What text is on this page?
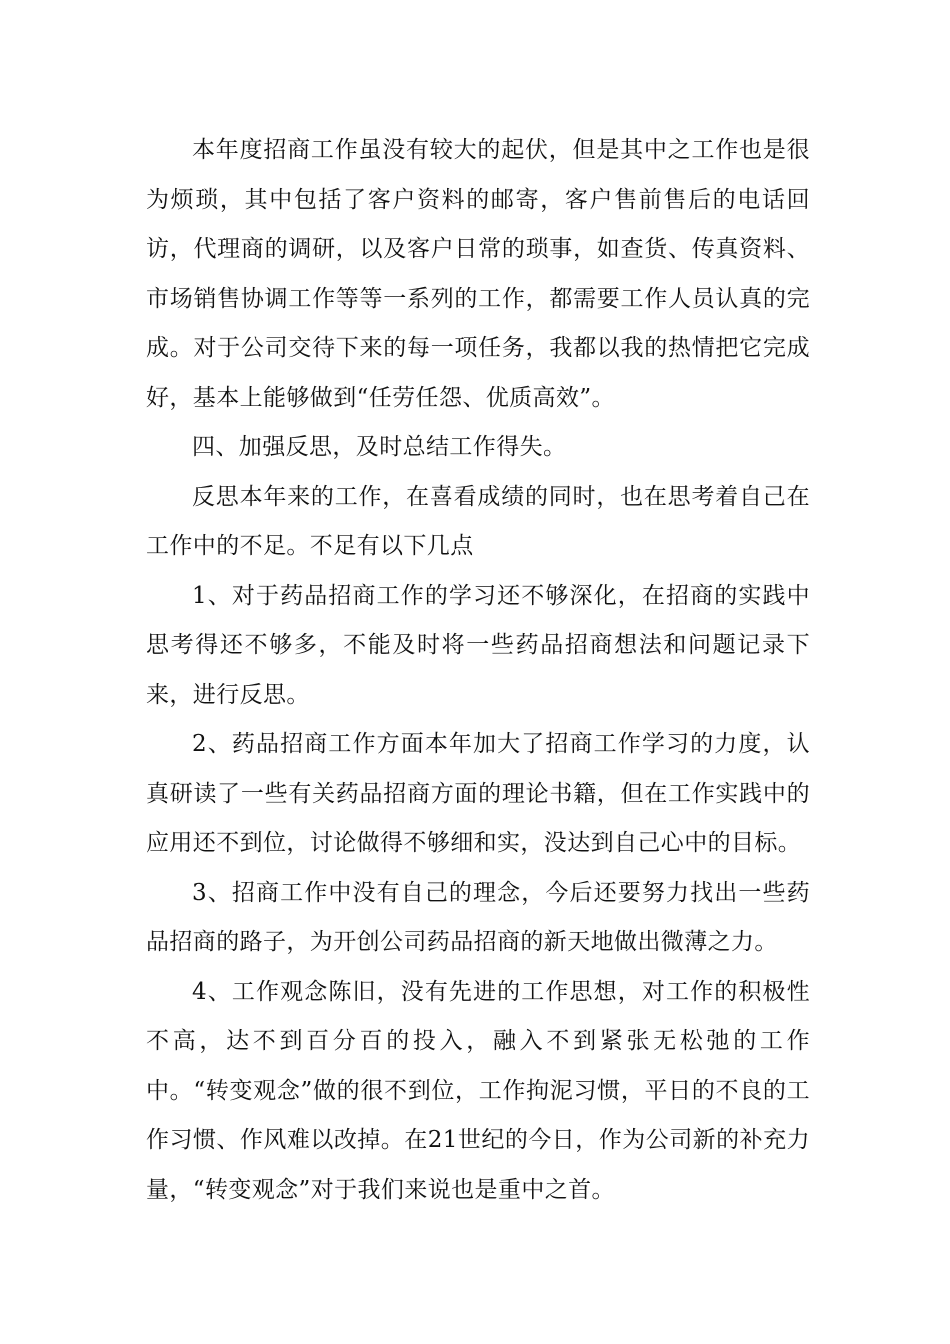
本年度招商工作虽没有较大的起伏，但是其中之工作也是很为烦琐，其中包括了客户资料的邮寄，客户售前售后的电话回访，代理商的调研，以及客户日常的琐事，如查货、传真资料、市场销售协调工作等等一系列的工作，都需要工作人员认真的完成。对于公司交待下来的每一项任务，我都以我的热情把它完成好，基本上能够做到“任劳任怨、优质高效”。

四、加强反思，及时总结工作得失。

反思本年来的工作，在喜看成绩的同时，也在思考着自己在工作中的不足。不足有以下几点

1、对于药品招商工作的学习还不够深化，在招商的实践中思考得还不够多，不能及时将一些药品招商想法和问题记录下来，进行反思。

2、药品招商工作方面本年加大了招商工作学习的力度，认真研读了一些有关药品招商方面的理论书籍，但在工作实践中的应用还不到位，讨论做得不够细和实，没达到自己心中的目标。

3、招商工作中没有自己的理念，今后还要努力找出一些药品招商的路子，为开创公司药品招商的新天地做出微薄之力。

4、工作观念陈旧，没有先进的工作思想，对工作的积极性不高，达不到百分百的投入，融入不到紧张无松弛的工作中。“转变观念”做的很不到位，工作拘泥习惯，平日的不良的工作习惯、作风难以改掉。在21世纪的今日，作为公司新的补充力量，“转变观念”对于我们来说也是重中之首。
